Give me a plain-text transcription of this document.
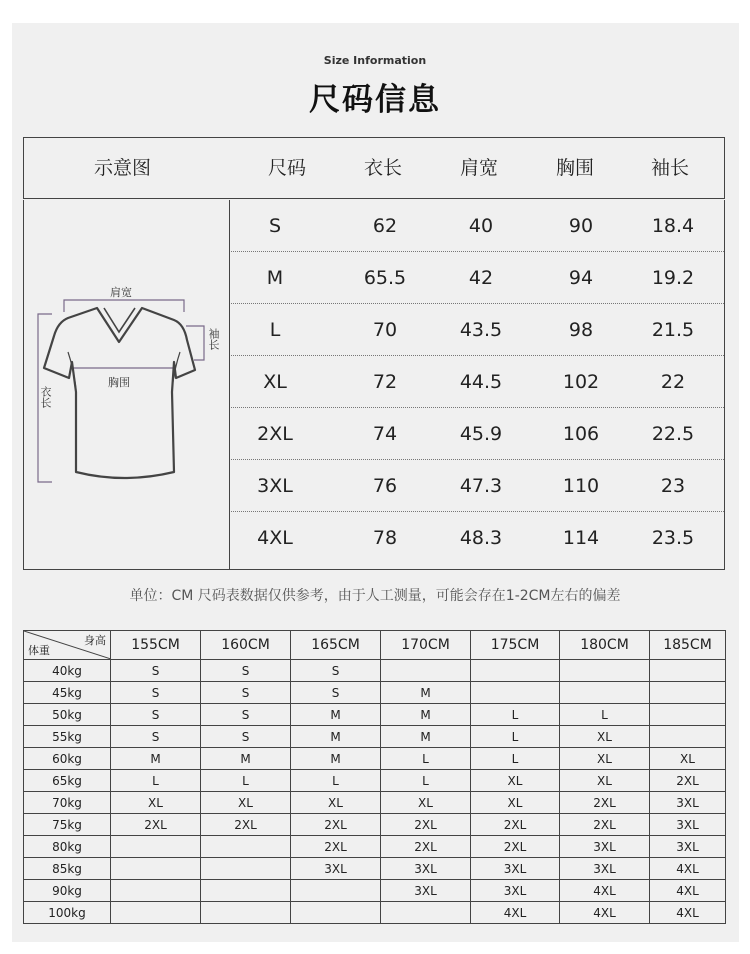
Size Information
尺码信息
示意图	尺码	衣长	肩宽	胸围	袖长
肩宽
袖长
胸围
衣长
S	62	40	90	18.4
M	65.5	42	94	19.2
L	70	43.5	98	21.5
XL	72	44.5	102	22
2XL	74	45.9	106	22.5
3XL	76	47.3	110	23
4XL	78	48.3	114	23.5
单位：CM 尺码表数据仅供参考，由于人工测量，可能会存在1-2CM左右的偏差
身高
体重	155CM	160CM	165CM	170CM	175CM	180CM	185CM
40kg	S	S	S				
45kg	S	S	S	M			
50kg	S	S	M	M	L	L	
55kg	S	S	M	M	L	XL	
60kg	M	M	M	L	L	XL	XL
65kg	L	L	L	L	XL	XL	2XL
70kg	XL	XL	XL	XL	XL	2XL	3XL
75kg	2XL	2XL	2XL	2XL	2XL	2XL	3XL
80kg			2XL	2XL	2XL	3XL	3XL
85kg			3XL	3XL	3XL	3XL	4XL
90kg				3XL	3XL	4XL	4XL
100kg					4XL	4XL	4XL
